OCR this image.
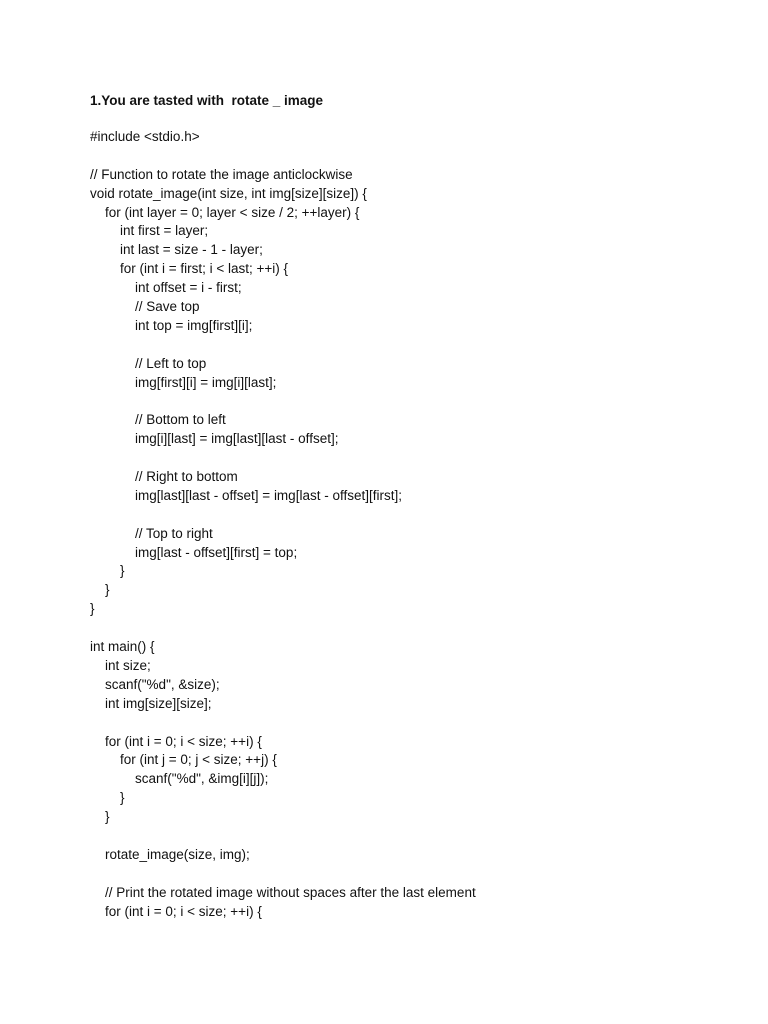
1.You are tasted with  rotate _ image
#include <stdio.h>
// Function to rotate the image anticlockwise
void rotate_image(int size, int img[size][size]) {
for (int layer = 0; layer < size / 2; ++layer) {
int first = layer;
int last = size - 1 - layer;
for (int i = first; i < last; ++i) {
int offset = i - first;
// Save top
int top = img[first][i];
// Left to top
img[first][i] = img[i][last];
// Bottom to left
img[i][last] = img[last][last - offset];
// Right to bottom
img[last][last - offset] = img[last - offset][first];
// Top to right
img[last - offset][first] = top;
}
}
}
int main() {
int size;
scanf("%d", &size);
int img[size][size];
for (int i = 0; i < size; ++i) {
for (int j = 0; j < size; ++j) {
scanf("%d", &img[i][j]);
}
}
rotate_image(size, img);
// Print the rotated image without spaces after the last element
for (int i = 0; i < size; ++i) {
